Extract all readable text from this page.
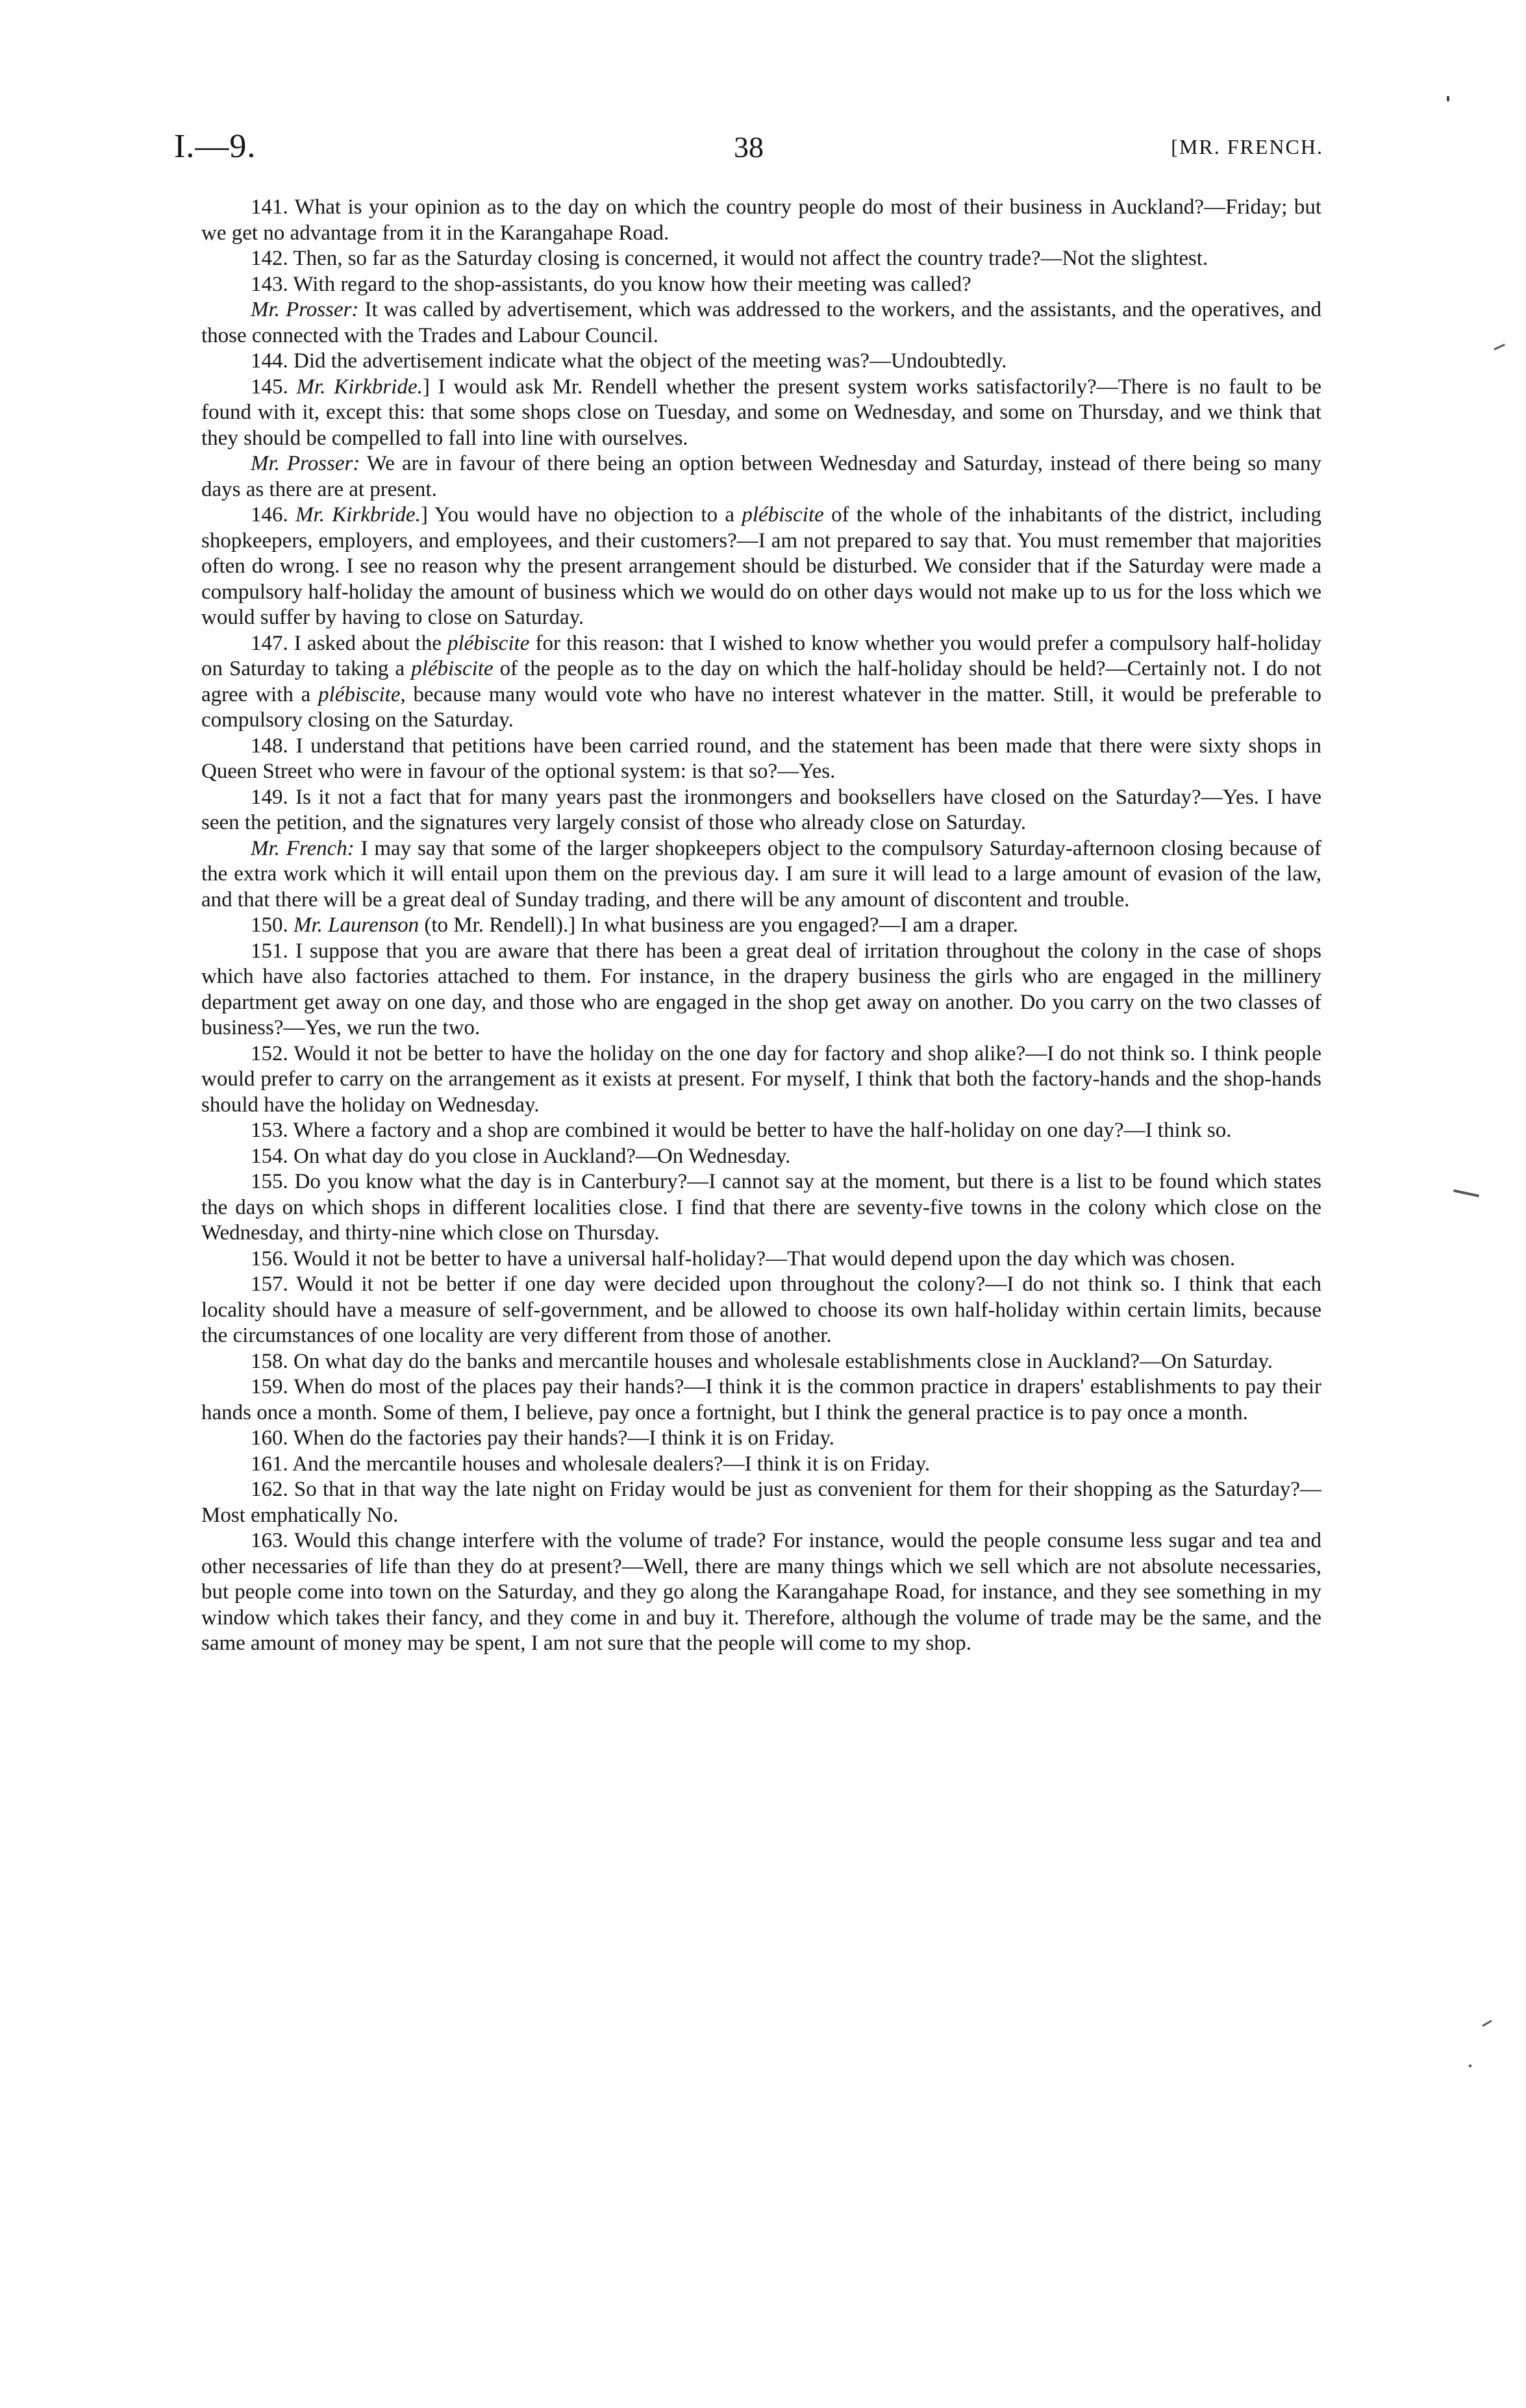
I.—9.	38	[MR. FRENCH.

141. What is your opinion as to the day on which the country people do most of their business in Auckland?—Friday; but we get no advantage from it in the Karangahape Road.

142. Then, so far as the Saturday closing is concerned, it would not affect the country trade?—Not the slightest.

143. With regard to the shop-assistants, do you know how their meeting was called?

Mr. Prosser: It was called by advertisement, which was addressed to the workers, and the assistants, and the operatives, and those connected with the Trades and Labour Council.

144. Did the advertisement indicate what the object of the meeting was?—Undoubtedly.

145. Mr. Kirkbride.] I would ask Mr. Rendell whether the present system works satisfactorily?—There is no fault to be found with it, except this: that some shops close on Tuesday, and some on Wednesday, and some on Thursday, and we think that they should be compelled to fall into line with ourselves.

Mr. Prosser: We are in favour of there being an option between Wednesday and Saturday, instead of there being so many days as there are at present.

146. Mr. Kirkbride.] You would have no objection to a plébiscite of the whole of the inhabitants of the district, including shopkeepers, employers, and employees, and their customers?—I am not prepared to say that. You must remember that majorities often do wrong. I see no reason why the present arrangement should be disturbed. We consider that if the Saturday were made a compulsory half-holiday the amount of business which we would do on other days would not make up to us for the loss which we would suffer by having to close on Saturday.

147. I asked about the plébiscite for this reason: that I wished to know whether you would prefer a compulsory half-holiday on Saturday to taking a plébiscite of the people as to the day on which the half-holiday should be held?—Certainly not. I do not agree with a plébiscite, because many would vote who have no interest whatever in the matter. Still, it would be preferable to compulsory closing on the Saturday.

148. I understand that petitions have been carried round, and the statement has been made that there were sixty shops in Queen Street who were in favour of the optional system: is that so?—Yes.

149. Is it not a fact that for many years past the ironmongers and booksellers have closed on the Saturday?—Yes. I have seen the petition, and the signatures very largely consist of those who already close on Saturday.

Mr. French: I may say that some of the larger shopkeepers object to the compulsory Saturday-afternoon closing because of the extra work which it will entail upon them on the previous day. I am sure it will lead to a large amount of evasion of the law, and that there will be a great deal of Sunday trading, and there will be any amount of discontent and trouble.

150. Mr. Laurenson (to Mr. Rendell).] In what business are you engaged?—I am a draper.

151. I suppose that you are aware that there has been a great deal of irritation throughout the colony in the case of shops which have also factories attached to them. For instance, in the drapery business the girls who are engaged in the millinery department get away on one day, and those who are engaged in the shop get away on another. Do you carry on the two classes of business?—Yes, we run the two.

152. Would it not be better to have the holiday on the one day for factory and shop alike?—I do not think so. I think people would prefer to carry on the arrangement as it exists at present. For myself, I think that both the factory-hands and the shop-hands should have the holiday on Wednesday.

153. Where a factory and a shop are combined it would be better to have the half-holiday on one day?—I think so.

154. On what day do you close in Auckland?—On Wednesday.

155. Do you know what the day is in Canterbury?—I cannot say at the moment, but there is a list to be found which states the days on which shops in different localities close. I find that there are seventy-five towns in the colony which close on the Wednesday, and thirty-nine which close on Thursday.

156. Would it not be better to have a universal half-holiday?—That would depend upon the day which was chosen.

157. Would it not be better if one day were decided upon throughout the colony?—I do not think so. I think that each locality should have a measure of self-government, and be allowed to choose its own half-holiday within certain limits, because the circumstances of one locality are very different from those of another.

158. On what day do the banks and mercantile houses and wholesale establishments close in Auckland?—On Saturday.

159. When do most of the places pay their hands?—I think it is the common practice in drapers' establishments to pay their hands once a month. Some of them, I believe, pay once a fortnight, but I think the general practice is to pay once a month.

160. When do the factories pay their hands?—I think it is on Friday.

161. And the mercantile houses and wholesale dealers?—I think it is on Friday.

162. So that in that way the late night on Friday would be just as convenient for them for their shopping as the Saturday?—Most emphatically No.

163. Would this change interfere with the volume of trade? For instance, would the people consume less sugar and tea and other necessaries of life than they do at present?—Well, there are many things which we sell which are not absolute necessaries, but people come into town on the Saturday, and they go along the Karangahape Road, for instance, and they see something in my window which takes their fancy, and they come in and buy it. Therefore, although the volume of trade may be the same, and the same amount of money may be spent, I am not sure that the people will come to my shop.
